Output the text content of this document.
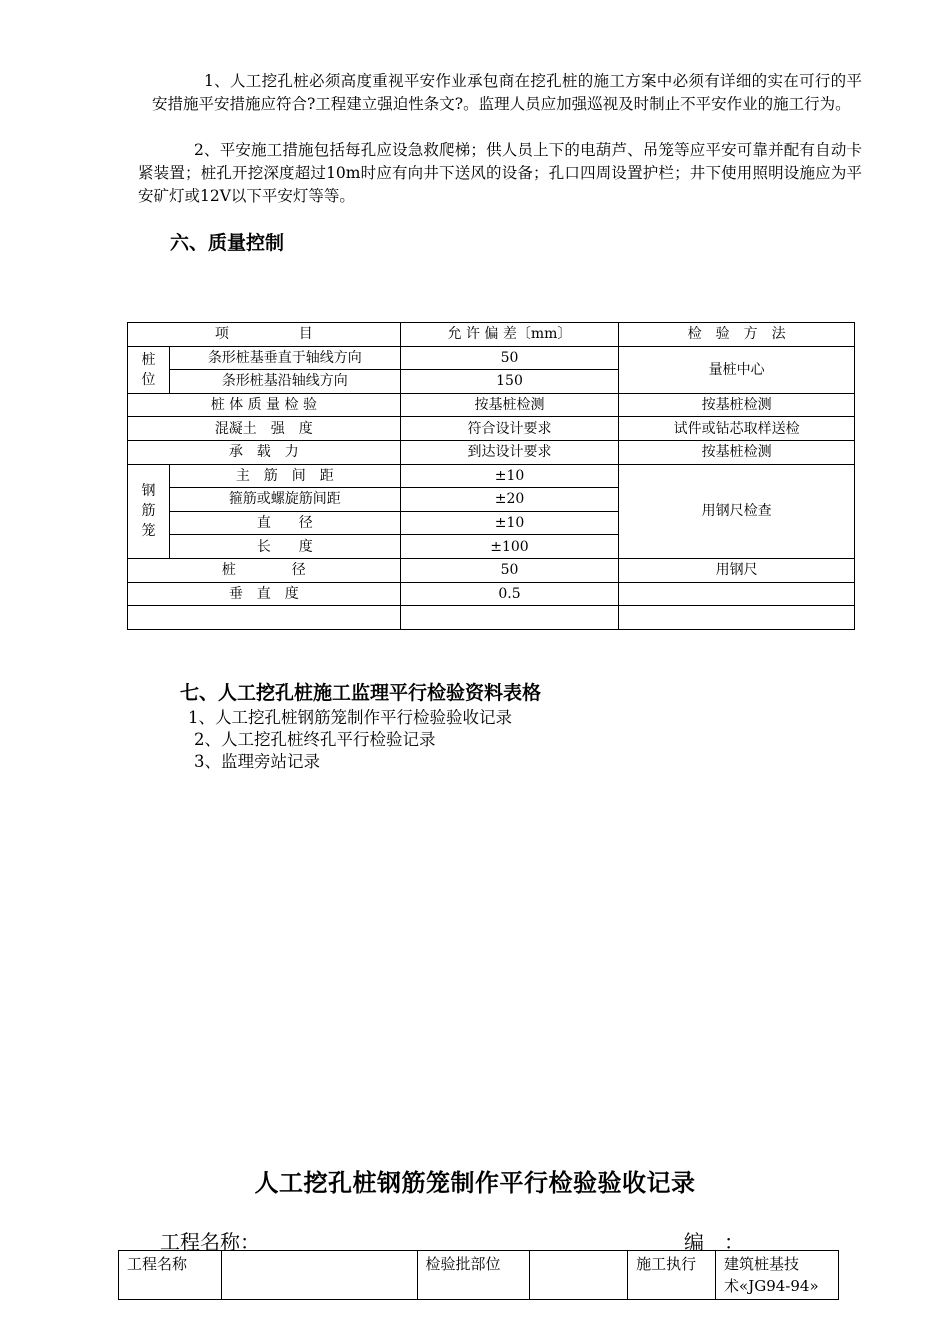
1、人工挖孔桩必须高度重视平安作业承包商在挖孔桩的施工方案中必须有详细的实在可行的平安措施平安措施应符合?工程建立强迫性条文?。监理人员应加强巡视及时制止不平安作业的施工行为。

2、平安施工措施包括每孔应设急救爬梯；供人员上下的电葫芦、吊笼等应平安可靠并配有自动卡紧装置；桩孔开挖深度超过10m时应有向井下送风的设备；孔口四周设置护栏；井下使用照明设施应为平安矿灯或12V以下平安灯等等。

六、质量控制
项　　　　　目		允 许 偏 差〔mm〕	检　验　方　法
桩
位	条形桩基垂直于轴线方向	50	量桩中心
	条形桩基沿轴线方向	150	
桩 体 质 量 检 验		按基桩检测	按基桩检测
混凝土　强　度		符合设计要求	试件或钻芯取样送检
承　载　力		到达设计要求	按基桩检测
钢
筋
笼	主　筋　间　距	±10	用钢尺检查
	箍筋或螺旋筋间距	±20	
	直　　径	±10	
	长　　度	±100	
桩　　　　径		50	用钢尺
垂　直　度		0.5	

七、人工挖孔桩施工监理平行检验资料表格

1、人工挖孔桩钢筋笼制作平行检验验收记录

2、人工挖孔桩终孔平行检验记录

3、监理旁站记录

人工挖孔桩钢筋笼制作平行检验验收记录
工程名称：	编　：
工程名称		检验批部位		施工执行	建筑桩基技术«JG94-94»
